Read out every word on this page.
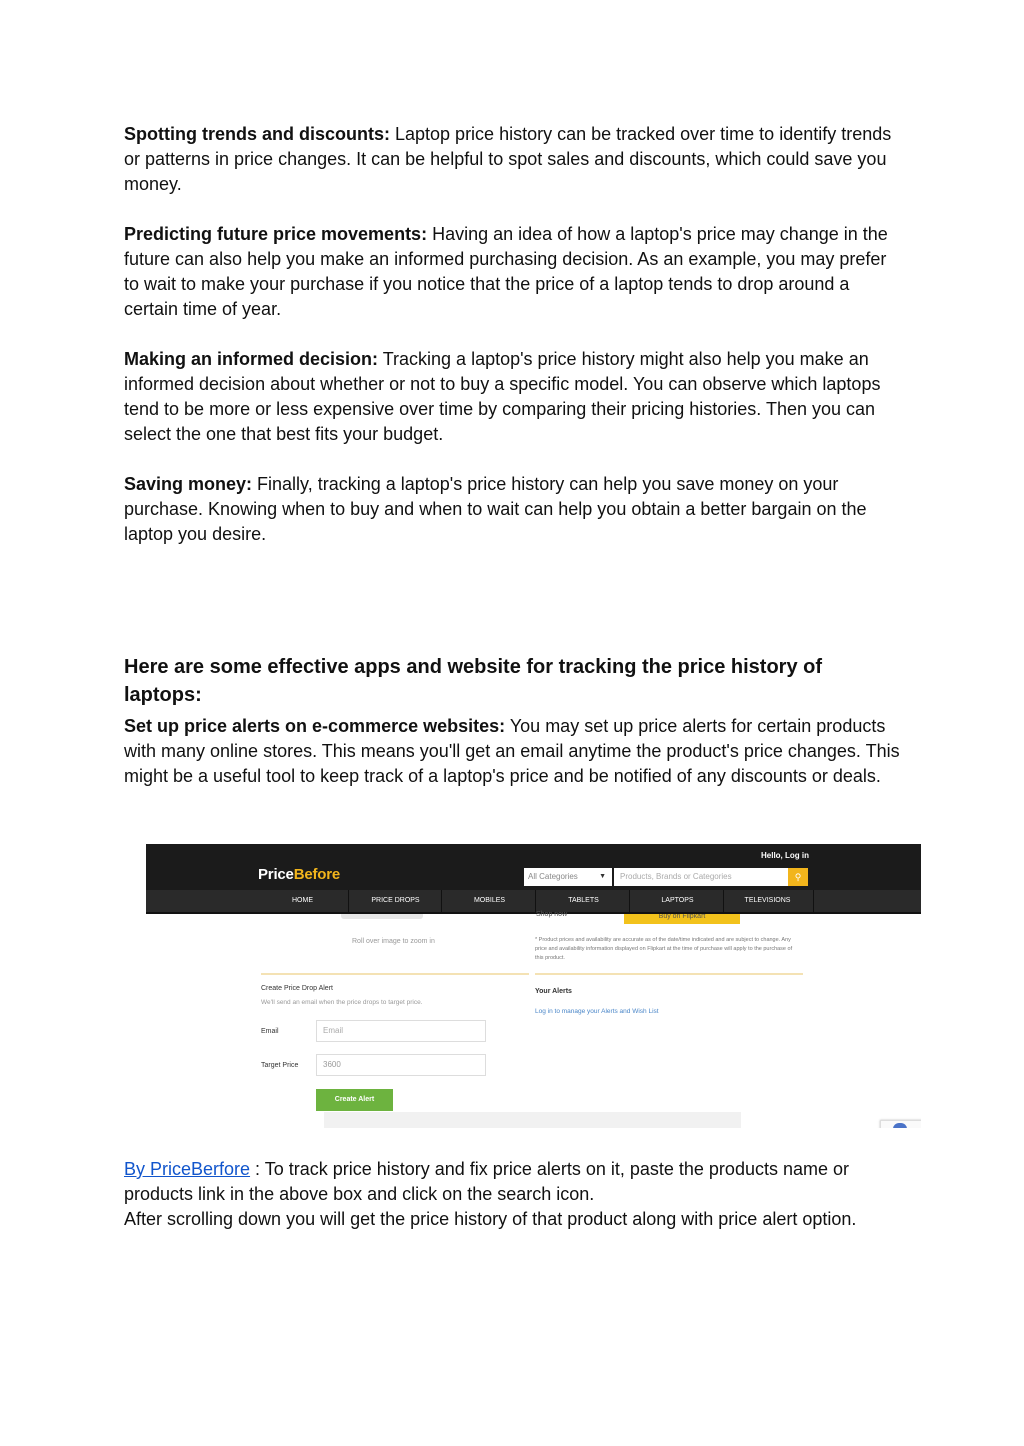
Spotting trends and discounts: Laptop price history can be tracked over time to identify trends or patterns in price changes. It can be helpful to spot sales and discounts, which could save you money.

Predicting future price movements: Having an idea of how a laptop's price may change in the future can also help you make an informed purchasing decision. As an example, you may prefer to wait to make your purchase if you notice that the price of a laptop tends to drop around a certain time of year.

Making an informed decision: Tracking a laptop's price history might also help you make an informed decision about whether or not to buy a specific model. You can observe which laptops tend to be more or less expensive over time by comparing their pricing histories. Then you can select the one that best fits your budget.

Saving money: Finally, tracking a laptop's price history can help you save money on your purchase. Knowing when to buy and when to wait can help you obtain a better bargain on the laptop you desire.

Here are some effective apps and website for tracking the price history of laptops:

Set up price alerts on e-commerce websites: You may set up price alerts for certain products with many online stores. This means you'll get an email anytime the product's price changes. This might be a useful tool to keep track of a laptop's price and be notified of any discounts or deals.

PriceBefore
Hello, Log in
All Categories	▼	Products, Brands or Categories	⚲
HOME	PRICE DROPS	MOBILES	TABLETS	LAPTOPS	TELEVISIONS
Shop now	Buy on Flipkart
Roll over image to zoom in	* Product prices and availability are accurate as of the date/time indicated and are subject to change. Any price and availability information displayed on Flipkart at the time of purchase will apply to the purchase of this product.
Create Price Drop Alert
We'll send an email when the price drops to target price.
Your Alerts
Log in to manage your Alerts and Wish List
Email	Email
Target Price	3600
Create Alert

By PriceBerfore : To track price history and fix price alerts on it, paste the products name or products link in the above box and click on the search icon.
After scrolling down you will get the price history of that product along with price alert option.
